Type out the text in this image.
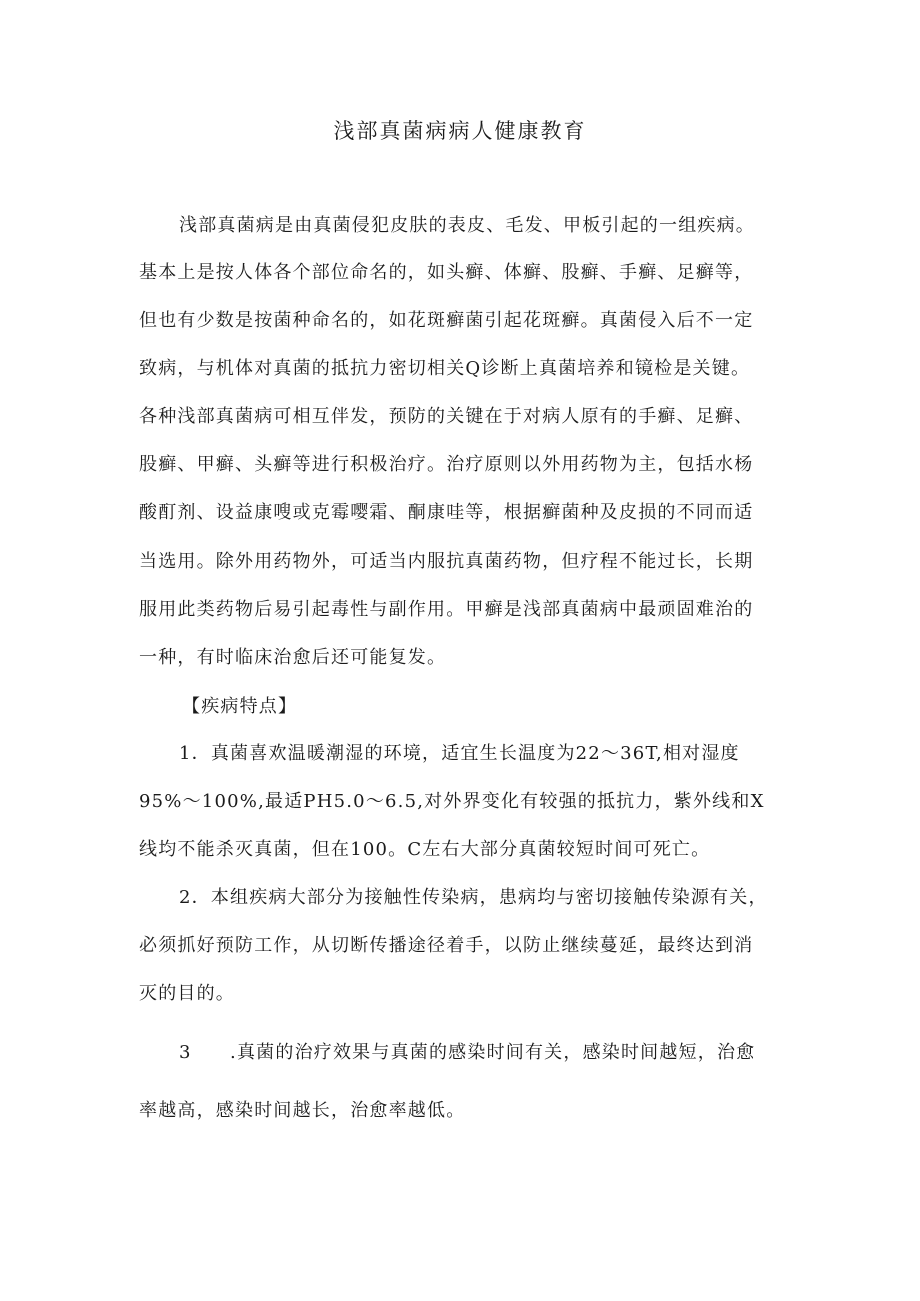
浅部真菌病病人健康教育
浅部真菌病是由真菌侵犯皮肤的表皮、毛发、甲板引起的一组疾病。
基本上是按人体各个部位命名的，如头癣、体癣、股癣、手癣、足癣等，
但也有少数是按菌种命名的，如花斑癣菌引起花斑癣。真菌侵入后不一定
致病，与机体对真菌的抵抗力密切相关Q诊断上真菌培养和镜检是关键。
各种浅部真菌病可相互伴发，预防的关键在于对病人原有的手癣、足癣、
股癣、甲癣、头癣等进行积极治疗。治疗原则以外用药物为主，包括水杨
酸酊剂、设益康嗖或克霉嘤霜、酮康哇等，根据癣菌种及皮损的不同而适
当选用。除外用药物外，可适当内服抗真菌药物，但疗程不能过长，长期
服用此类药物后易引起毒性与副作用。甲癣是浅部真菌病中最顽固难治的
一种，有时临床治愈后还可能复发。
【疾病特点】
1．真菌喜欢温暖潮湿的环境，适宜生长温度为22～36T,相对湿度
95%～100%,最适PH5.0～6.5,对外界变化有较强的抵抗力，紫外线和X
线均不能杀灭真菌，但在100。C左右大部分真菌较短时间可死亡。
2．本组疾病大部分为接触性传染病，患病均与密切接触传染源有关，
必须抓好预防工作，从切断传播途径着手，以防止继续蔓延，最终达到消
灭的目的。
3　　.真菌的治疗效果与真菌的感染时间有关，感染时间越短，治愈
率越高，感染时间越长，治愈率越低。
